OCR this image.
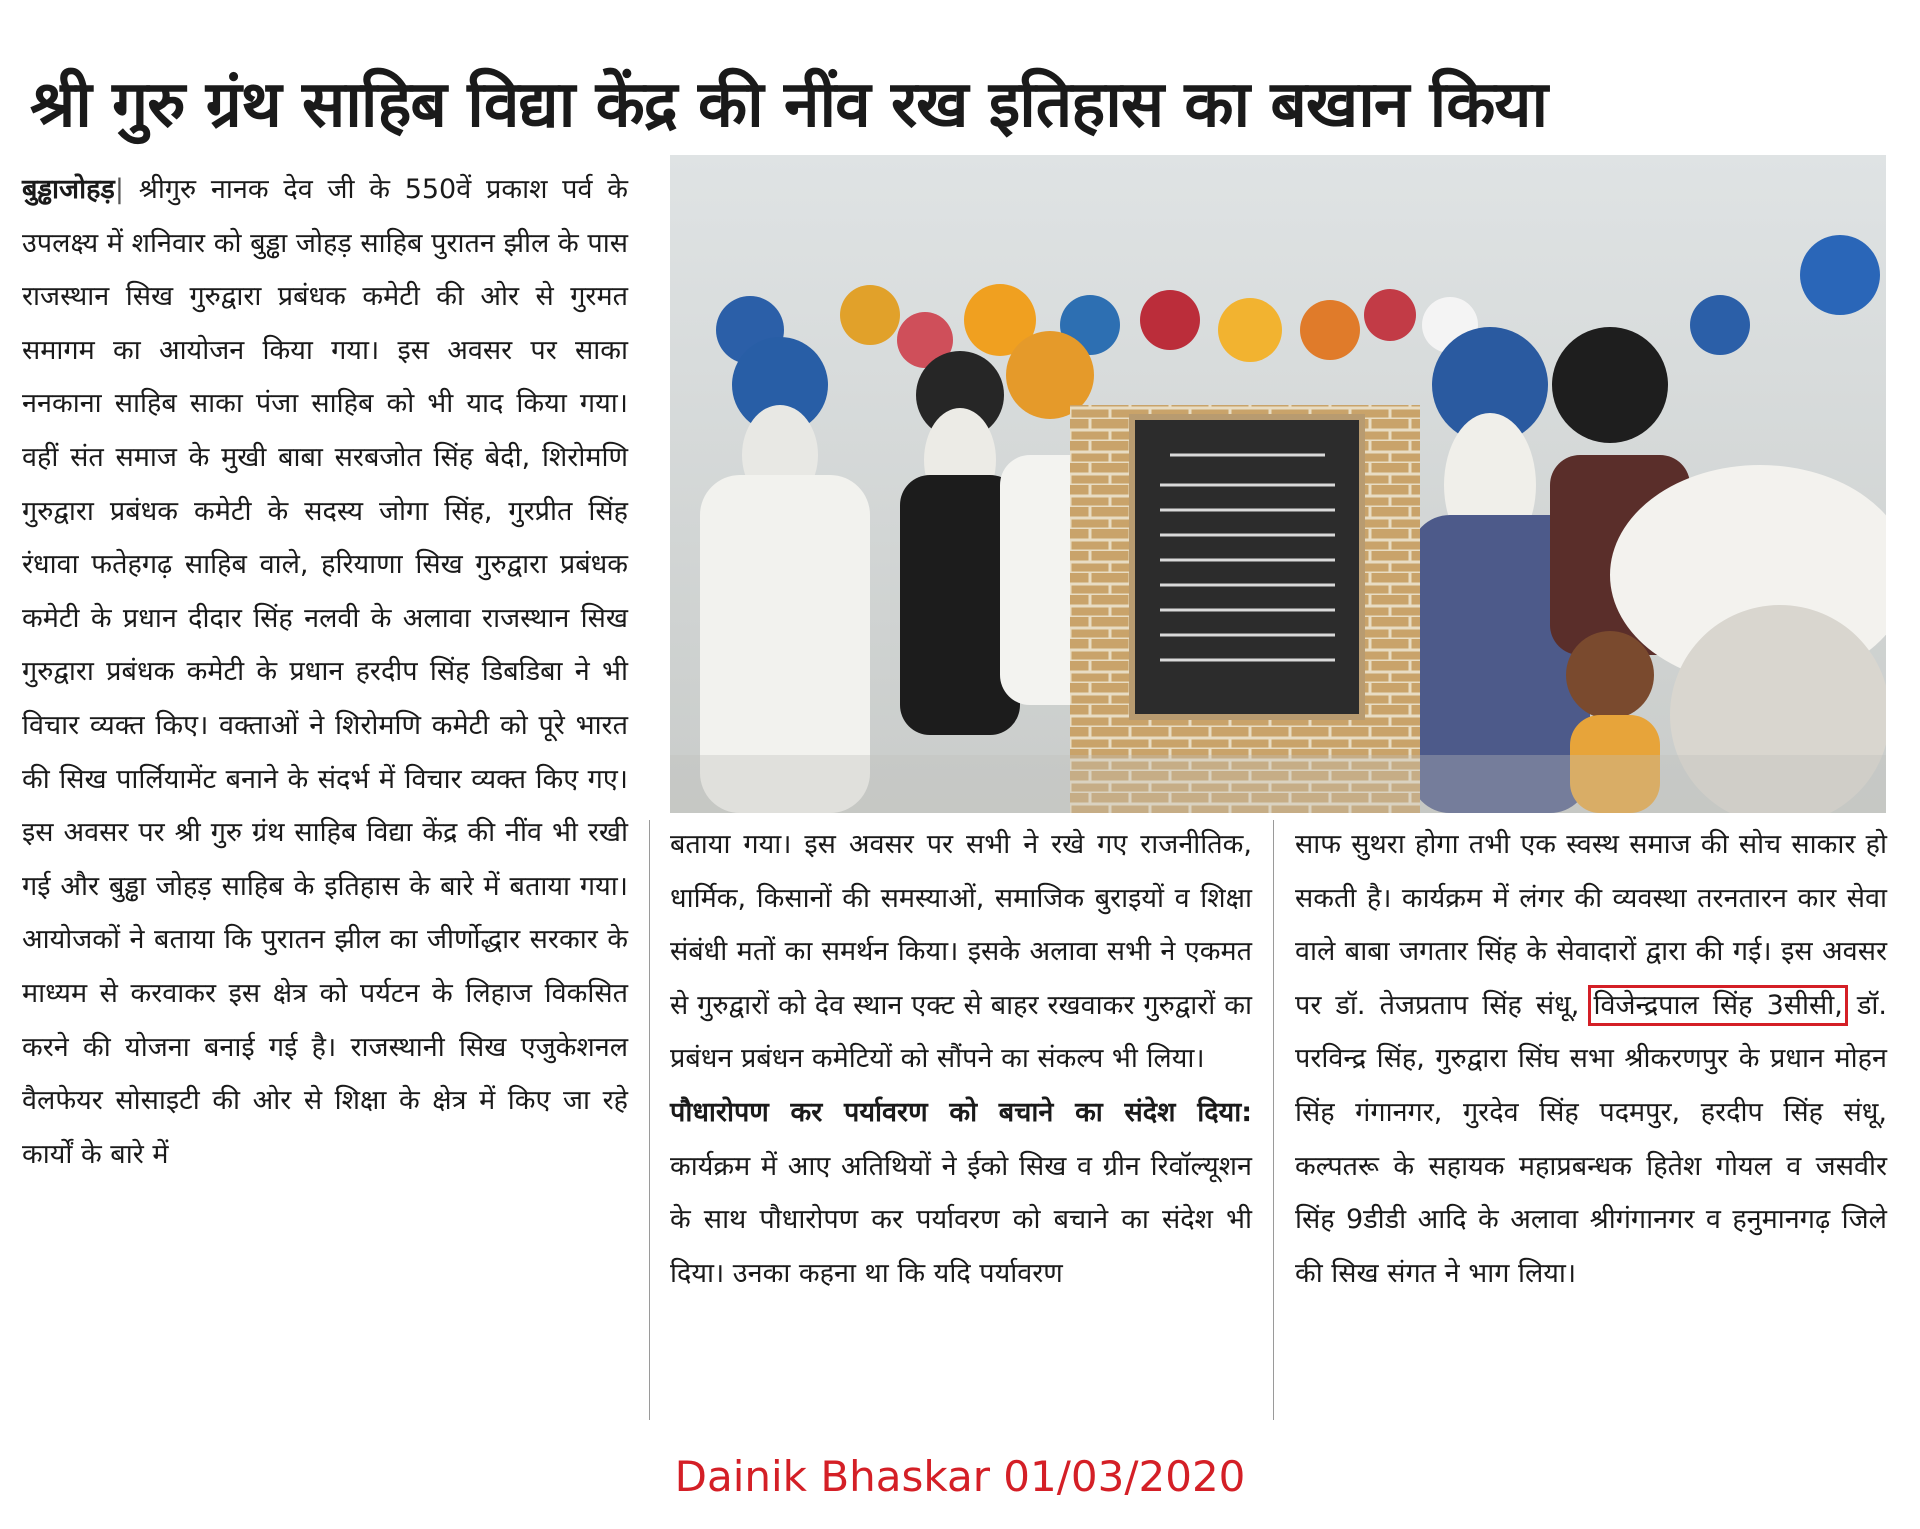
श्री गुरु ग्रंथ साहिब विद्या केंद्र की नींव रख इतिहास का बखान किया
बुड्ढाजोहड़| श्रीगुरु नानक देव जी के 550वें प्रकाश पर्व के उपलक्ष्य में शनिवार को बुड्ढा जोहड़ साहिब पुरातन झील के पास राजस्थान सिख गुरुद्वारा प्रबंधक कमेटी की ओर से गुरमत समागम का आयोजन किया गया। इस अवसर पर साका ननकाना साहिब साका पंजा साहिब को भी याद किया गया। वहीं संत समाज के मुखी बाबा सरबजोत सिंह बेदी, शिरोमणि गुरुद्वारा प्रबंधक कमेटी के सदस्य जोगा सिंह, गुरप्रीत सिंह रंधावा फतेहगढ़ साहिब वाले, हरियाणा सिख गुरुद्वारा प्रबंधक कमेटी के प्रधान दीदार सिंह नलवी के अलावा राजस्थान सिख गुरुद्वारा प्रबंधक कमेटी के प्रधान हरदीप सिंह डिबडिबा ने भी विचार व्यक्त किए। वक्ताओं ने शिरोमणि कमेटी को पूरे भारत की सिख पार्लियामेंट बनाने के संदर्भ में विचार व्यक्त किए गए। इस अवसर पर श्री गुरु ग्रंथ साहिब विद्या केंद्र की नींव भी रखी गई और बुड्ढा जोहड़ साहिब के इतिहास के बारे में बताया गया। आयोजकों ने बताया कि पुरातन झील का जीर्णोद्धार सरकार के माध्यम से करवाकर इस क्षेत्र को पर्यटन के लिहाज विकसित करने की योजना बनाई गई है। राजस्थानी सिख एजुकेशनल वैलफेयर सोसाइटी की ओर से शिक्षा के क्षेत्र में किए जा रहे कार्यों के बारे में
बताया गया। इस अवसर पर सभी ने रखे गए राजनीतिक, धार्मिक, किसानों की समस्याओं, समाजिक बुराइयों व शिक्षा संबंधी मतों का समर्थन किया। इसके अलावा सभी ने एकमत से गुरुद्वारों को देव स्थान एक्ट से बाहर रखवाकर गुरुद्वारों का प्रबंधन प्रबंधन कमेटियों को सौंपने का संकल्प भी लिया।
पौधारोपण कर पर्यावरण को बचाने का संदेश दिया: कार्यक्रम में आए अतिथियों ने ईको सिख व ग्रीन रिवॉल्यूशन के साथ पौधारोपण कर पर्यावरण को बचाने का संदेश भी दिया। उनका कहना था कि यदि पर्यावरण
साफ सुथरा होगा तभी एक स्वस्थ समाज की सोच साकार हो सकती है। कार्यक्रम में लंगर की व्यवस्था तरनतारन कार सेवा वाले बाबा जगतार सिंह के सेवादारों द्वारा की गई। इस अवसर पर डॉ. तेजप्रताप सिंह संधू, विजेन्द्रपाल सिंह 3सीसी, डॉ. परविन्द्र सिंह, गुरुद्वारा सिंघ सभा श्रीकरणपुर के प्रधान मोहन सिंह गंगानगर, गुरदेव सिंह पदमपुर, हरदीप सिंह संधू, कल्पतरू के सहायक महाप्रबन्धक हितेश गोयल व जसवीर सिंह 9डीडी आदि के अलावा श्रीगंगानगर व हनुमानगढ़ जिले की सिख संगत ने भाग लिया।
Dainik Bhaskar 01/03/2020
